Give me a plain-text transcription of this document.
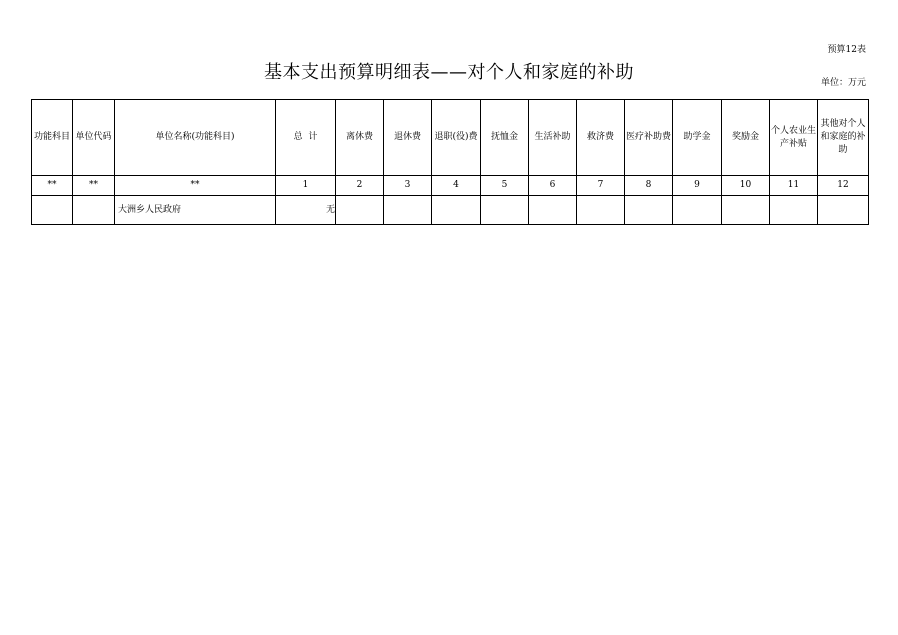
预算12表
基本支出预算明细表——对个人和家庭的补助	单位：万元
功能科目	单位代码	单位名称(功能科目)	总  计	离休费	退休费	退职(役)费	抚恤金	生活补助	救济费	医疗补助费	助学金	奖励金	个人农业生产补贴	其他对个人和家庭的补助	
**	**	**	1	2	3	4	5	6	7	8	9	10	11	12	
		大洲乡人民政府	无												
